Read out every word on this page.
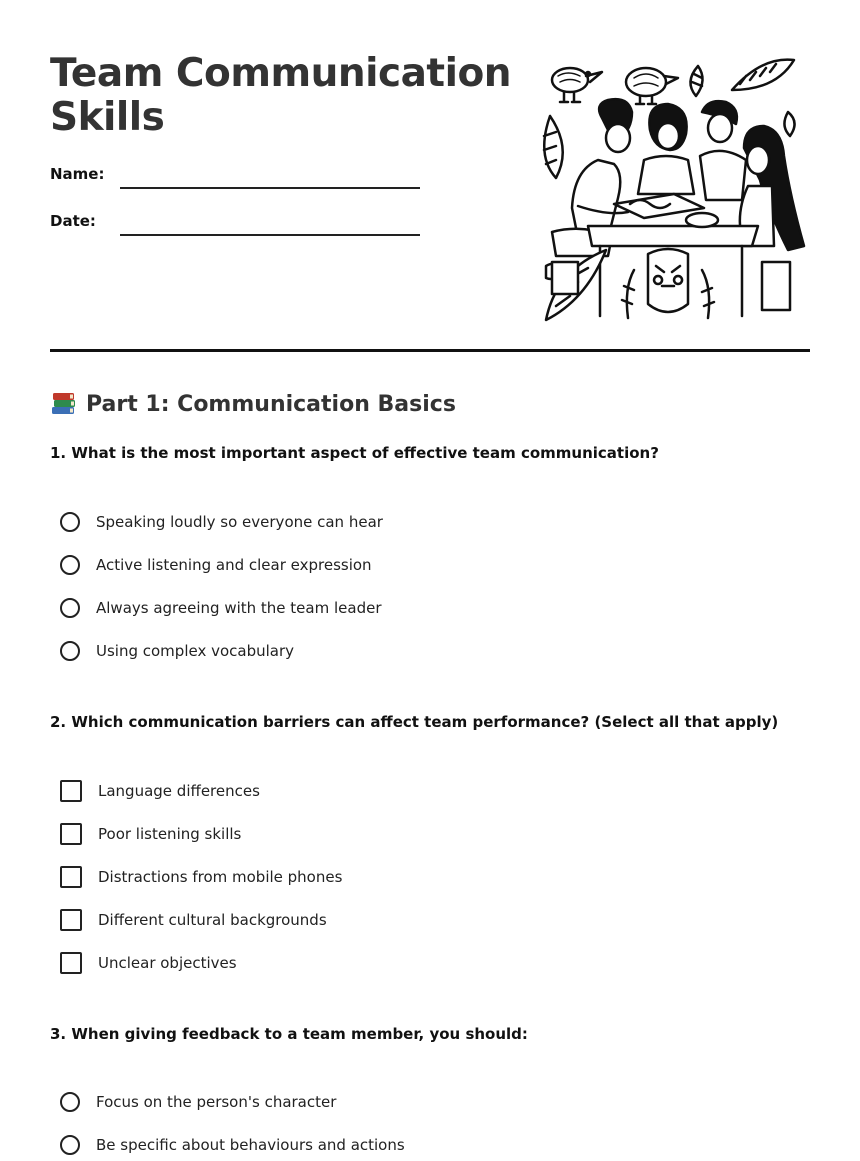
Team Communication
Skills
Name:
Date:
Part 1: Communication Basics
1. What is the most important aspect of effective team communication?
Speaking loudly so everyone can hear
Active listening and clear expression
Always agreeing with the team leader
Using complex vocabulary
2. Which communication barriers can affect team performance? (Select all that apply)
Language differences
Poor listening skills
Distractions from mobile phones
Different cultural backgrounds
Unclear objectives
3. When giving feedback to a team member, you should:
Focus on the person's character
Be specific about behaviours and actions
